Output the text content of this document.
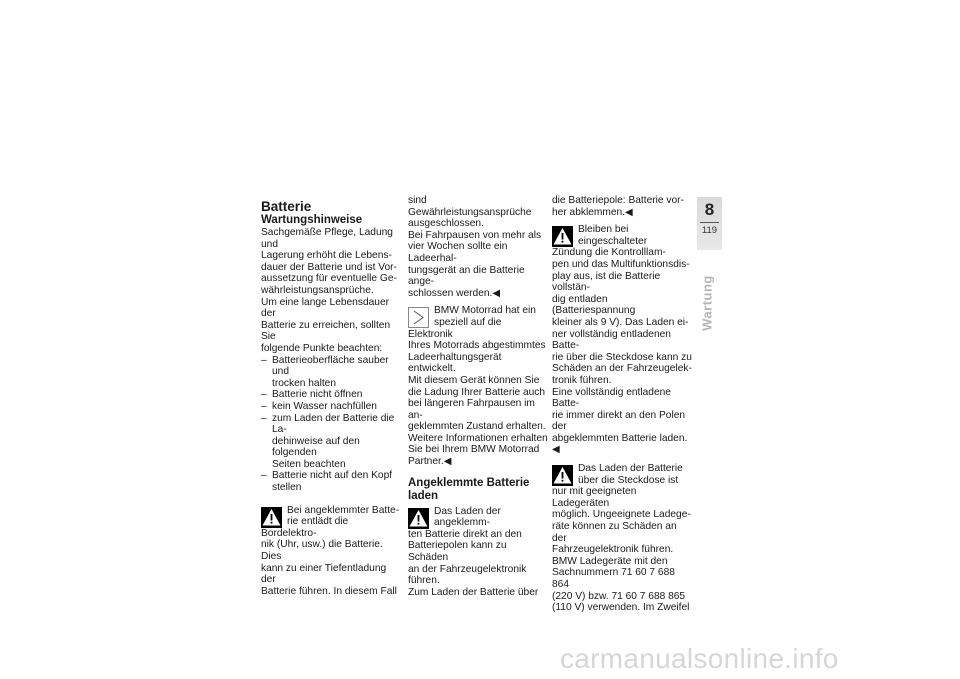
Batterie
Wartungshinweise

Sachgemäße Pflege, Ladung und

Lagerung erhöht die Lebens-

dauer der Batterie und ist Vor-

aussetzung für eventuelle Ge-

währleistungsansprüche.

Um eine lange Lebensdauer der

Batterie zu erreichen, sollten Sie

folgende Punkte beachten:

– Batterieoberfläche sauber und

trocken halten

– Batterie nicht öffnen

– kein Wasser nachfüllen

– zum Laden der Batterie die La-

dehinweise auf den folgenden

Seiten beachten

– Batterie nicht auf den Kopf

stellen

Bei angeklemmter Batte-

rie entlädt die Bordelektro-

nik (Uhr, usw.) die Batterie. Dies

kann zu einer Tiefentladung der

Batterie führen. In diesem Fall

sind Gewährleistungsansprüche

ausgeschlossen.

Bei Fahrpausen von mehr als

vier Wochen sollte ein Ladeerhal-

tungsgerät an die Batterie ange-

schlossen werden.◀

BMW Motorrad hat ein

speziell auf die Elektronik

Ihres Motorrads abgestimmtes

Ladeerhaltungsgerät entwickelt.

Mit diesem Gerät können Sie

die Ladung Ihrer Batterie auch

bei längeren Fahrpausen im an-

geklemmten Zustand erhalten.

Weitere Informationen erhalten

Sie bei Ihrem BMW Motorrad

Partner.◀

Angeklemmte Batterie
laden

Das Laden der angeklemm-

ten Batterie direkt an den

Batteriepolen kann zu Schäden

an der Fahrzeugelektronik führen.

Zum Laden der Batterie über

die Batteriepole: Batterie vor-

her abklemmen.◀

Bleiben bei eingeschalteter

Zündung die Kontrolllam-

pen und das Multifunktionsdis-

play aus, ist die Batterie vollstän-

dig entladen (Batteriespannung

kleiner als 9 V). Das Laden ei-

ner vollständig entladenen Batte-

rie über die Steckdose kann zu

Schäden an der Fahrzeugelek-

tronik führen.

Eine vollständig entladene Batte-

rie immer direkt an den Polen der

abgeklemmten Batterie laden.◀

Das Laden der Batterie

über die Steckdose ist

nur mit geeigneten Ladegeräten

möglich. Ungeeignete Ladege-

räte können zu Schäden an der

Fahrzeugelektronik führen.

BMW Ladegeräte mit den

Sachnummern 71 60 7 688 864

(220 V) bzw. 71 60 7 688 865

(110 V) verwenden. Im Zweifel

8
119
Wartung
carmanualsonline.info
